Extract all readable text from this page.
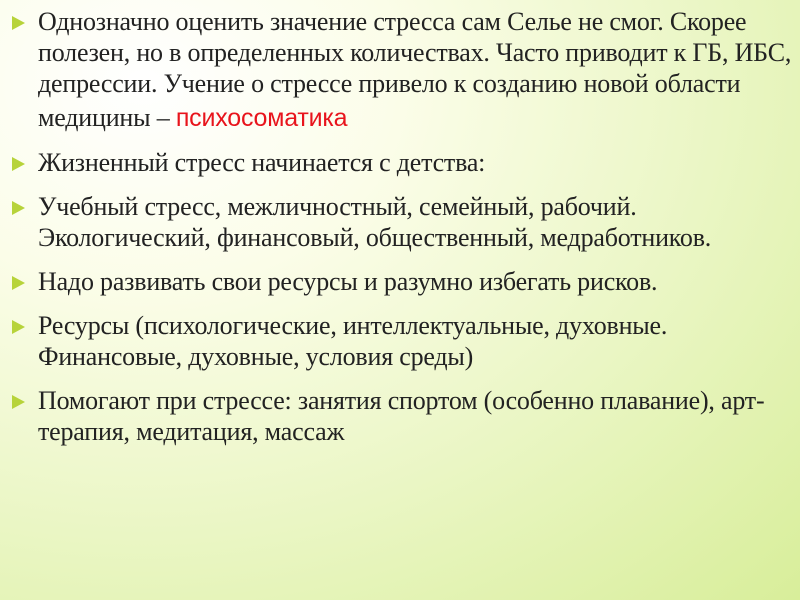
Однозначно оценить значение стресса сам Селье не смог. Скорее полезен, но в определенных количествах. Часто приводит к ГБ, ИБС, депрессии. Учение о стрессе привело к созданию новой области медицины – психосоматика
Жизненный стресс начинается с детства:
Учебный стресс, межличностный, семейный, рабочий. Экологический, финансовый, общественный, медработников.
Надо развивать свои ресурсы и разумно избегать рисков.
Ресурсы (психологические, интеллектуальные, духовные. Финансовые, духовные, условия среды)
Помогают при стрессе: занятия спортом (особенно плавание), арт-терапия, медитация, массаж
